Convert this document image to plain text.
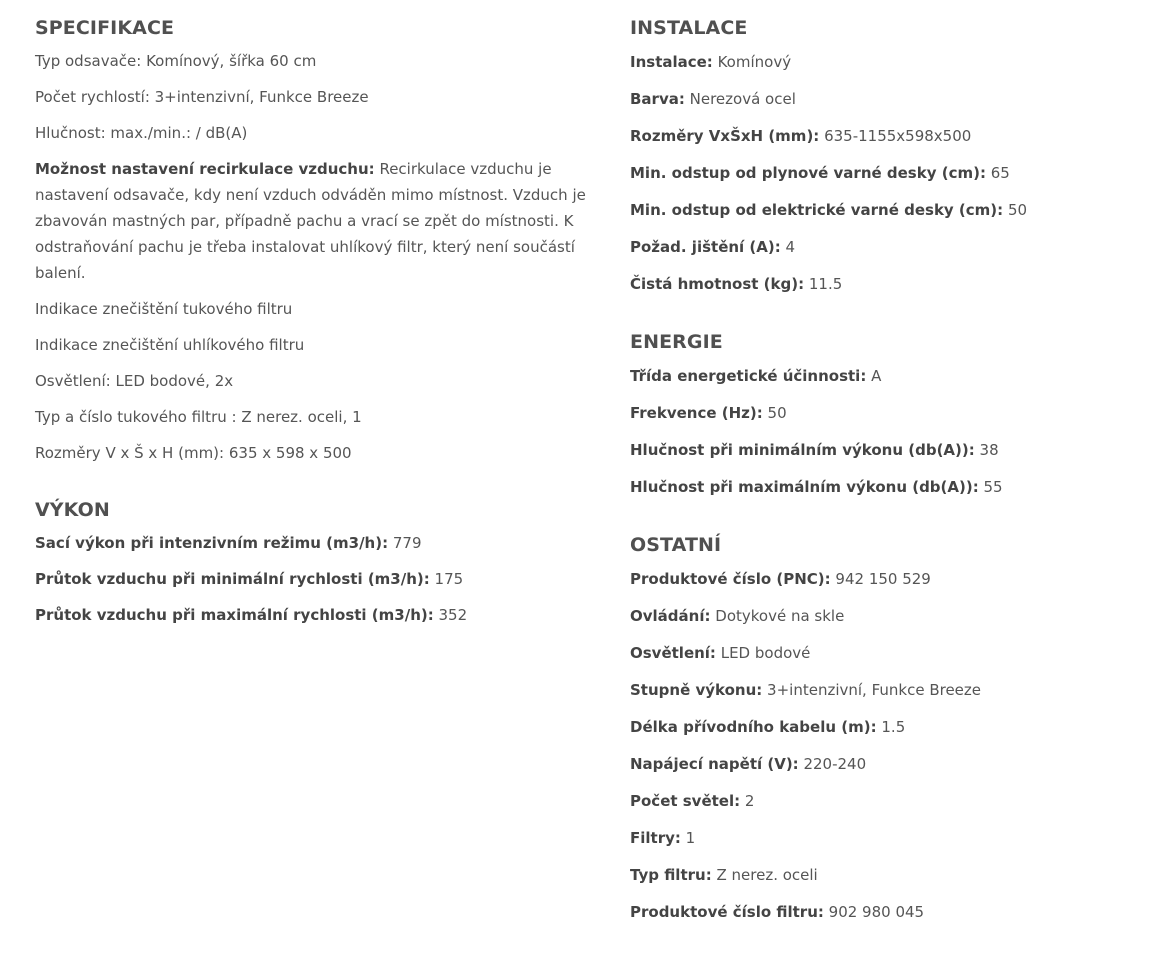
SPECIFIKACE
Typ odsavače: Komínový, šířka 60 cm
Počet rychlostí: 3+intenzivní, Funkce Breeze
Hlučnost: max./min.: / dB(A)
Možnost nastavení recirkulace vzduchu: Recirkulace vzduchu je nastavení odsavače, kdy není vzduch odváděn mimo místnost. Vzduch je zbavován mastných par, případně pachu a vrací se zpět do místnosti. K odstraňování pachu je třeba instalovat uhlíkový filtr, který není součástí balení.
Indikace znečištění tukového filtru
Indikace znečištění uhlíkového filtru
Osvětlení: LED bodové, 2x
Typ a číslo tukového filtru : Z nerez. oceli, 1
Rozměry V x Š x H (mm): 635 x 598 x 500
VÝKON
Sací výkon při intenzivním režimu (m3/h): 779
Průtok vzduchu při minimální rychlosti (m3/h): 175
Průtok vzduchu při maximální rychlosti (m3/h): 352
INSTALACE
Instalace: Komínový
Barva: Nerezová ocel
Rozměry VxŠxH (mm): 635-1155x598x500
Min. odstup od plynové varné desky (cm): 65
Min. odstup od elektrické varné desky (cm): 50
Požad. jištění (A): 4
Čistá hmotnost (kg): 11.5
ENERGIE
Třída energetické účinnosti: A
Frekvence (Hz): 50
Hlučnost při minimálním výkonu (db(A)): 38
Hlučnost při maximálním výkonu (db(A)): 55
OSTATNÍ
Produktové číslo (PNC): 942 150 529
Ovládání: Dotykové na skle
Osvětlení: LED bodové
Stupně výkonu: 3+intenzivní, Funkce Breeze
Délka přívodního kabelu (m): 1.5
Napájecí napětí (V): 220-240
Počet světel: 2
Filtry: 1
Typ filtru: Z nerez. oceli
Produktové číslo filtru: 902 980 045
